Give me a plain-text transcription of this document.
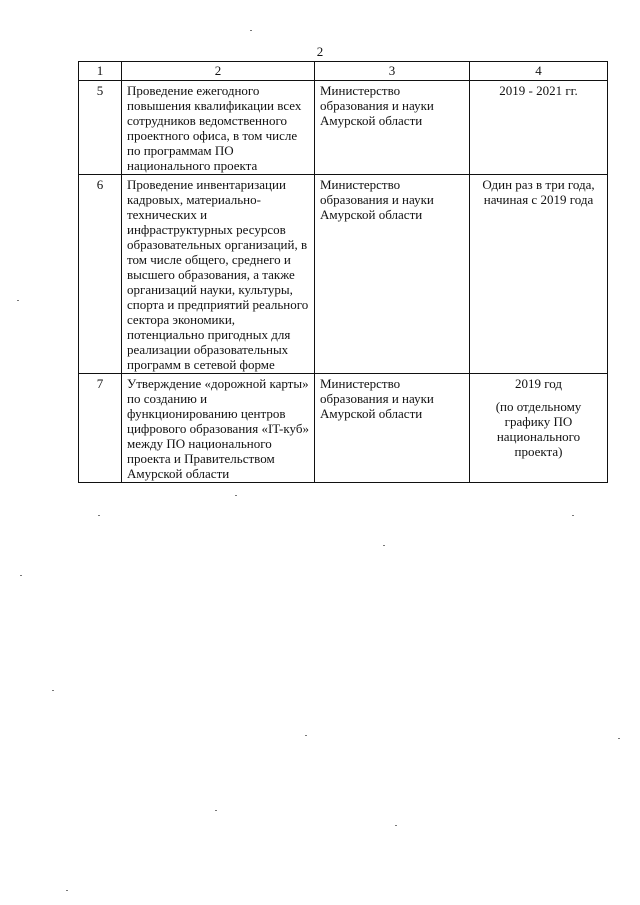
2
1	2	3	4
5	Проведение ежегодного повышения квалификации всех сотрудников ведомственного проектного офиса, в том числе по программам ПО национального проекта	Министерство образования и науки Амурской области	2019 - 2021 гг.

6	Проведение инвентаризации кадровых, материально-технических и инфраструктурных ресурсов образовательных организаций, в том числе общего, среднего и высшего образования, а также организаций науки, культуры, спорта и предприятий реального сектора экономики, потенциально пригодных для реализации образовательных программ в сетевой форме	Министерство образования и науки Амурской области	Один раз в три года, начиная с 2019 года

7	Утверждение «дорожной карты» по созданию и функционированию центров цифрового образования «IT-куб» между ПО национального проекта и Правительством Амурской области	Министерство образования и науки Амурской области	2019 год
(по отдельному графику ПО национального проекта)
